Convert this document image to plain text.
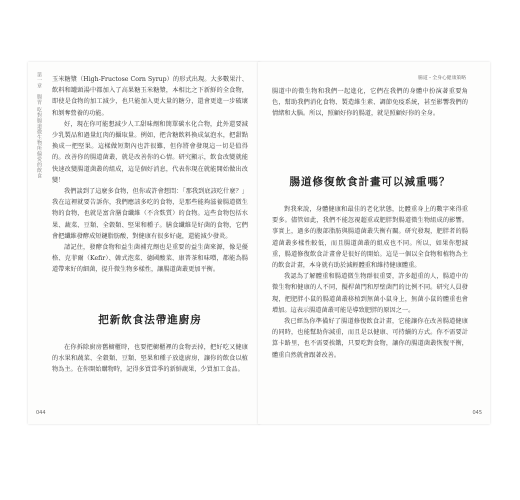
第一章　腸胃 吃對腸道微生物所偏愛的飲食

玉米糖漿（High-Fructose Corn Syrup）的形式出現。大多數果汁、飲料和罐頭湯中都加入了高果糖玉米糖漿，本相比之下新鮮的全食物，即使是食物的加工減少，也只能加入更大量的糖分，還會更進一步破壞和剝奪營養的功能。

好，現在你可能想減少人工甜味劑和簡單碳水化合物，此外還要減少乳製品和過量紅肉的攝取量。例如，把含糖飲料換成氣泡水，把甜點換成一把堅果。這樣做短期內也許很難，但你將會發現這一切是值得的。改善你的腸道菌叢，就是改善你的心情。研究顯示，飲食改變就能快速改變腸道菌叢的組成，這是個好消息，代表你現在就能開始做出改變！

我們談到了這麼多食物，但你或許會想問：「那我到底該吃什麼？」我在這裡就要告訴你，我們應該多吃的食物，是那些能夠滋養腸道微生物的食物，也就是富含膳食纖維（不含麩質）的食物。這些食物包括水果、蔬菜、豆類、全穀類、堅果和種子。膳食纖維是好菌的食物，它們會把纖維發酵成短鏈脂肪酸，對健康有很多好處，還能減少發炎。

請記住，發酵食物和益生菌補充劑也是重要的益生菌來源，像是優格、克菲爾（Kefir）、韓式泡菜、德國酸菜、康普茶和味噌，都能為腸道帶來好的細菌，提升微生物多樣性，讓腸道菌叢更加平衡。

把新飲食法帶進廚房

在你拆除廚房舊櫥櫃時，也要把櫥櫃裡的食物丟掉，把好吃又健康的水果和蔬菜、全穀類、豆類、堅果和種子放進廚房，讓你的飲食以植物為主。在你開始購物時，記得多買當季的新鮮蔬果，少買加工食品。

044
腸道・全身心健康策略

腸道中的微生物和我們一起進化，它們在我們的身體中扮演著重要角色，幫助我們消化食物、製造維生素、調節免疫系統，甚至影響我們的情緒和大腦。所以，照顧好你的腸道，就是照顧好你的全身。

腸道修復飲食計畫可以減重嗎？

對我來說，身體健康和最佳的老化狀態，比體重身上的數字來得重要多。儘管如此，我們不能忽視超重或肥胖對腸道微生物組成的影響。事實上，過多的腹部脂肪與腸道菌叢失衡有關。研究發現，肥胖者的腸道菌叢多樣性較低，而且腸道菌叢的組成也不同。所以，如果你想減重，腸道修復飲食計畫會是很好的開始。這是一個以全食物和植物為主的飲食計畫，本身就有助於減輕體重和維持健康體重。

我認為了解體重和腸道微生物群很重要，許多超重的人，腸道中的微生物和健康的人不同，擬桿菌門和厚壁菌門的比例不同。研究人員發現，把肥胖小鼠的腸道菌叢移植到無菌小鼠身上，無菌小鼠的體重也會增加。這表示腸道菌叢可能是導致肥胖的原因之一。

我已經為你準備好了腸道修復飲食計畫，它能讓你在改善腸道健康的同時，也能幫助你減重，而且是以健康、可持續的方式。你不需要計算卡路里，也不需要挨餓，只要吃對食物，讓你的腸道菌叢恢復平衡，體重自然就會跟著改善。

045
